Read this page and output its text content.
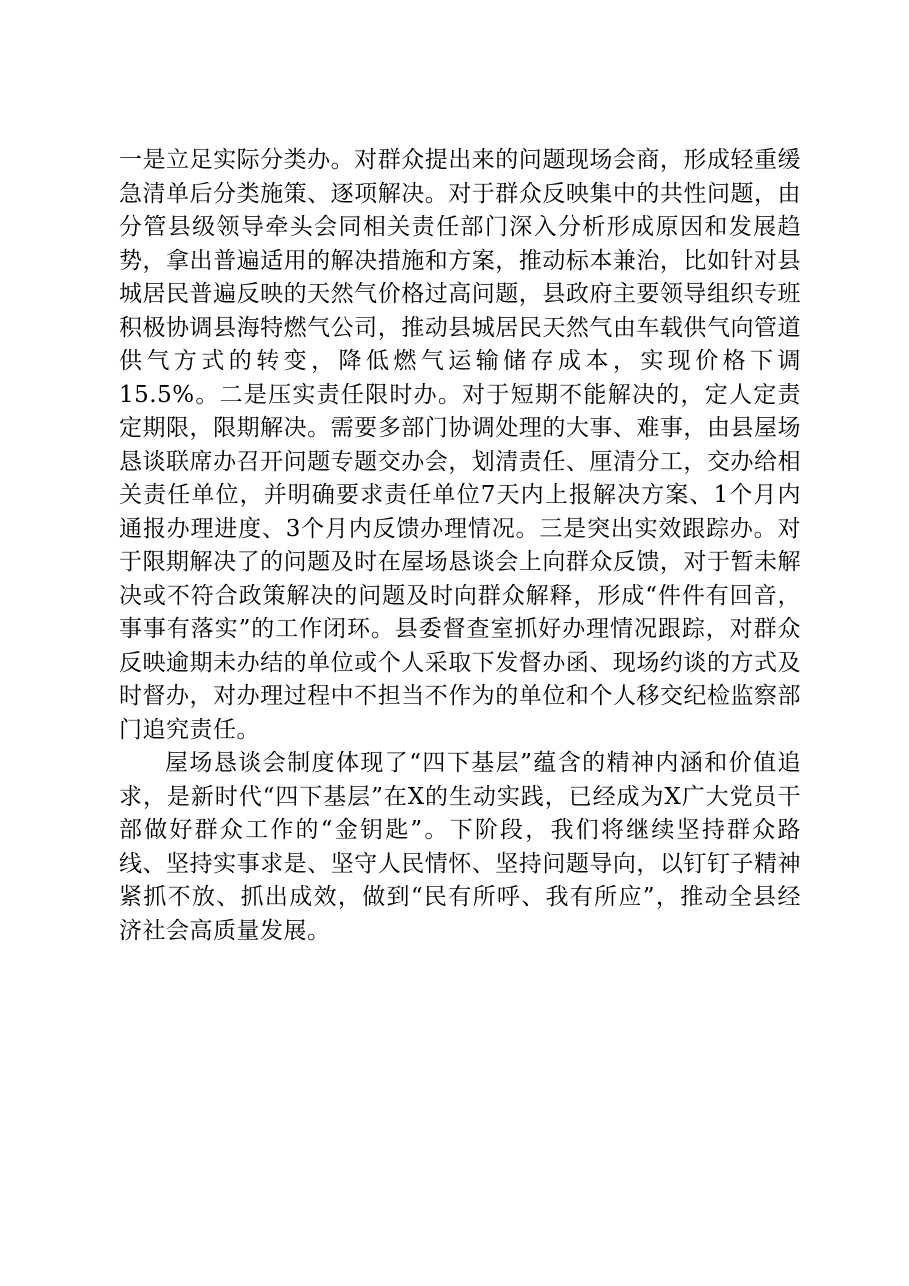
一是立足实际分类办。对群众提出来的问题现场会商，形成轻重缓急清单后分类施策、逐项解决。对于群众反映集中的共性问题，由分管县级领导牵头会同相关责任部门深入分析形成原因和发展趋势，拿出普遍适用的解决措施和方案，推动标本兼治，比如针对县城居民普遍反映的天然气价格过高问题，县政府主要领导组织专班积极协调县海特燃气公司，推动县城居民天然气由车载供气向管道供气方式的转变，降低燃气运输储存成本，实现价格下调15.5%。二是压实责任限时办。对于短期不能解决的，定人定责定期限，限期解决。需要多部门协调处理的大事、难事，由县屋场恳谈联席办召开问题专题交办会，划清责任、厘清分工，交办给相关责任单位，并明确要求责任单位7天内上报解决方案、1个月内通报办理进度、3个月内反馈办理情况。三是突出实效跟踪办。对于限期解决了的问题及时在屋场恳谈会上向群众反馈，对于暂未解决或不符合政策解决的问题及时向群众解释，形成“件件有回音，事事有落实”的工作闭环。县委督查室抓好办理情况跟踪，对群众反映逾期未办结的单位或个人采取下发督办函、现场约谈的方式及时督办，对办理过程中不担当不作为的单位和个人移交纪检监察部门追究责任。

屋场恳谈会制度体现了“四下基层”蕴含的精神内涵和价值追求，是新时代“四下基层”在X的生动实践，已经成为X广大党员干部做好群众工作的“金钥匙”。下阶段，我们将继续坚持群众路线、坚持实事求是、坚守人民情怀、坚持问题导向，以钉钉子精神紧抓不放、抓出成效，做到“民有所呼、我有所应”，推动全县经济社会高质量发展。
